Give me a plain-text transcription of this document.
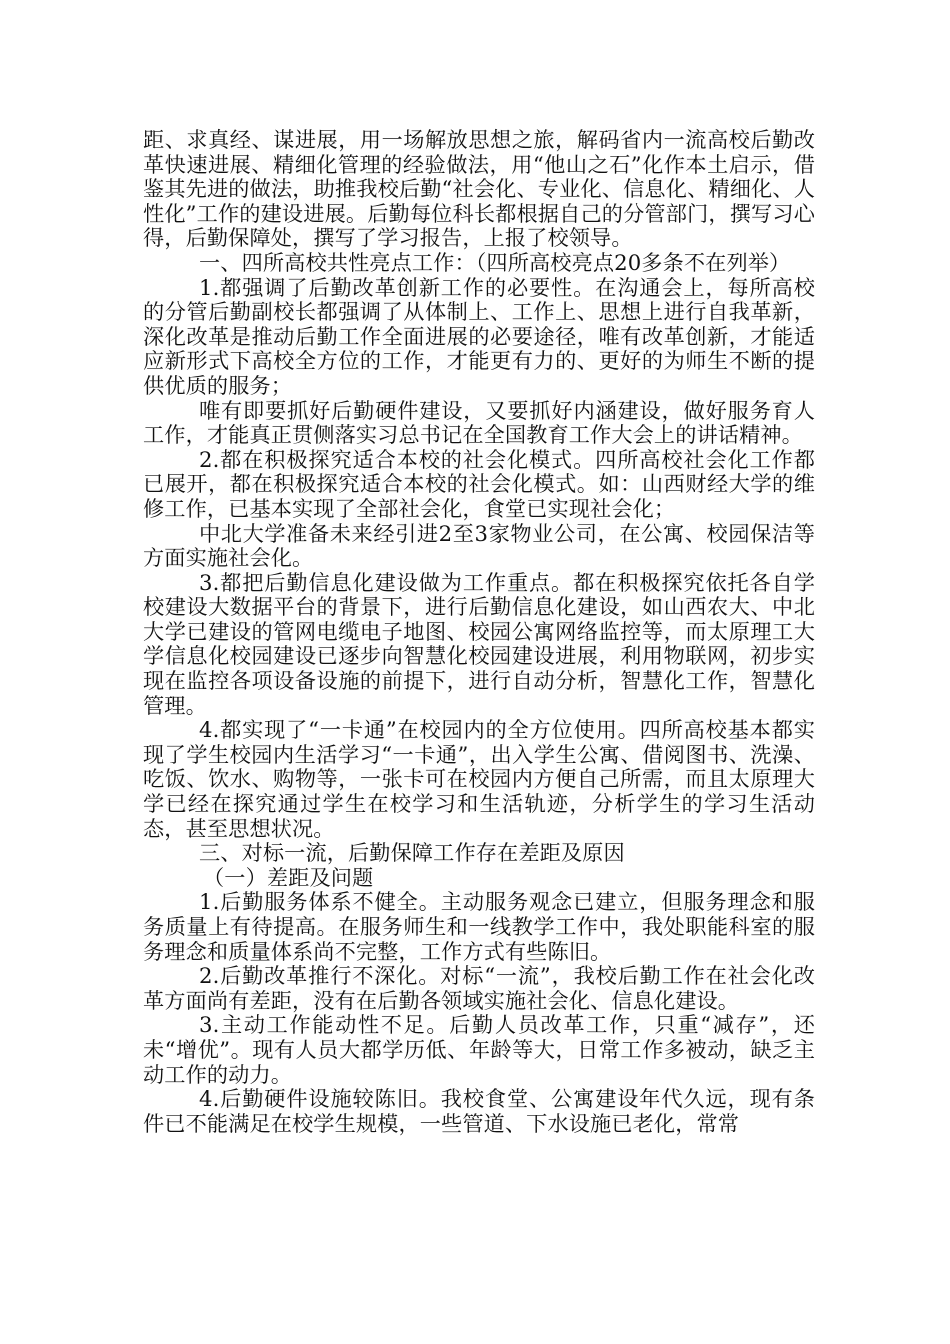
距、求真经、谋进展，用一场解放思想之旅，解码省内一流高校后勤改革快速进展、精细化管理的经验做法，用“他山之石”化作本土启示，借鉴其先进的做法，助推我校后勤“社会化、专业化、信息化、精细化、人性化”工作的建设进展。后勤每位科长都根据自己的分管部门，撰写习心得，后勤保障处，撰写了学习报告，上报了校领导。

一、四所高校共性亮点工作：（四所高校亮点20多条不在列举）

1.都强调了后勤改革创新工作的必要性。在沟通会上，每所高校的分管后勤副校长都强调了从体制上、工作上、思想上进行自我革新，深化改革是推动后勤工作全面进展的必要途径，唯有改革创新，才能适应新形式下高校全方位的工作，才能更有力的、更好的为师生不断的提供优质的服务；

唯有即要抓好后勤硬件建设，又要抓好内涵建设，做好服务育人工作，才能真正贯侧落实习总书记在全国教育工作大会上的讲话精神。

2.都在积极探究适合本校的社会化模式。四所高校社会化工作都已展开，都在积极探究适合本校的社会化模式。如：山西财经大学的维修工作，已基本实现了全部社会化，食堂已实现社会化；

中北大学准备未来经引进2至3家物业公司，在公寓、校园保洁等方面实施社会化。

3.都把后勤信息化建设做为工作重点。都在积极探究依托各自学校建设大数据平台的背景下，进行后勤信息化建设，如山西农大、中北大学已建设的管网电缆电子地图、校园公寓网络监控等，而太原理工大学信息化校园建设已逐步向智慧化校园建设进展，利用物联网，初步实现在监控各项设备设施的前提下，进行自动分析，智慧化工作，智慧化管理。

4.都实现了“一卡通”在校园内的全方位使用。四所高校基本都实现了学生校园内生活学习“一卡通”，出入学生公寓、借阅图书、洗澡、吃饭、饮水、购物等，一张卡可在校园内方便自己所需，而且太原理大学已经在探究通过学生在校学习和生活轨迹，分析学生的学习生活动态，甚至思想状况。

三、对标一流，后勤保障工作存在差距及原因

（一）差距及问题

1.后勤服务体系不健全。主动服务观念已建立，但服务理念和服务质量上有待提高。在服务师生和一线教学工作中，我处职能科室的服务理念和质量体系尚不完整，工作方式有些陈旧。

2.后勤改革推行不深化。对标“一流”，我校后勤工作在社会化改革方面尚有差距，没有在后勤各领域实施社会化、信息化建设。

3.主动工作能动性不足。后勤人员改革工作，只重“减存”，还未“增优”。现有人员大都学历低、年龄等大，日常工作多被动，缺乏主动工作的动力。

4.后勤硬件设施较陈旧。我校食堂、公寓建设年代久远，现有条件已不能满足在校学生规模，一些管道、下水设施已老化，常常
